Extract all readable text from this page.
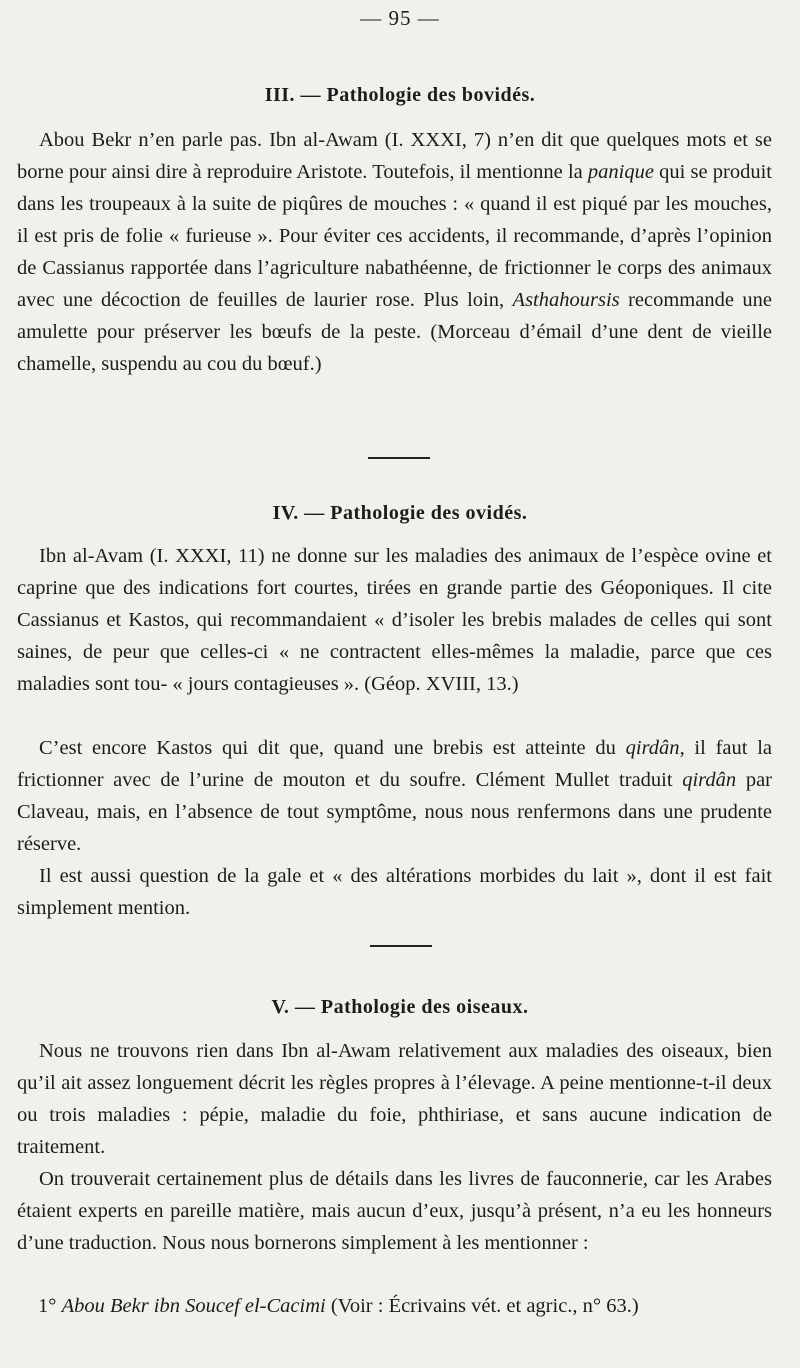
— 95 —
III. — Pathologie des bovidés.
Abou Bekr n’en parle pas. Ibn al-Awam (I. XXXI, 7) n’en dit que quelques mots et se borne pour ainsi dire à reproduire Aristote. Toutefois, il mentionne la panique qui se produit dans les troupeaux à la suite de piqûres de mouches : « quand il est piqué par les mouches, il est pris de folie « furieuse ». Pour éviter ces accidents, il recommande, d’après l’opinion de Cassianus rapportée dans l’agriculture nabathéenne, de frictionner le corps des animaux avec une décoction de feuilles de laurier rose. Plus loin, Asthahoursis recommande une amulette pour préserver les bœufs de la peste. (Morceau d’émail d’une dent de vieille chamelle, suspendu au cou du bœuf.)
IV. — Pathologie des ovidés.
Ibn al-Avam (I. XXXI, 11) ne donne sur les maladies des animaux de l’espèce ovine et caprine que des indications fort courtes, tirées en grande partie des Géoponiques. Il cite Cassianus et Kastos, qui recommandaient « d’isoler les brebis malades de celles qui sont saines, de peur que celles-ci « ne contractent elles-mêmes la maladie, parce que ces maladies sont tou- « jours contagieuses ». (Géop. XVIII, 13.)
C’est encore Kastos qui dit que, quand une brebis est atteinte du qirdân, il faut la frictionner avec de l’urine de mouton et du soufre. Clément Mullet traduit qirdân par Claveau, mais, en l’absence de tout symptôme, nous nous renfermons dans une prudente réserve.
Il est aussi question de la gale et « des altérations morbides du lait », dont il est fait simplement mention.
V. — Pathologie des oiseaux.
Nous ne trouvons rien dans Ibn al-Awam relativement aux maladies des oiseaux, bien qu’il ait assez longuement décrit les règles propres à l’élevage. A peine mentionne-t-il deux ou trois maladies : pépie, maladie du foie, phthiriase, et sans aucune indication de traitement.
On trouverait certainement plus de détails dans les livres de fauconnerie, car les Arabes étaient experts en pareille matière, mais aucun d’eux, jusqu’à présent, n’a eu les honneurs d’une traduction. Nous nous bornerons simplement à les mentionner :
1° Abou Bekr ibn Soucef el-Cacimi (Voir : Écrivains vét. et agric., n° 63.)
